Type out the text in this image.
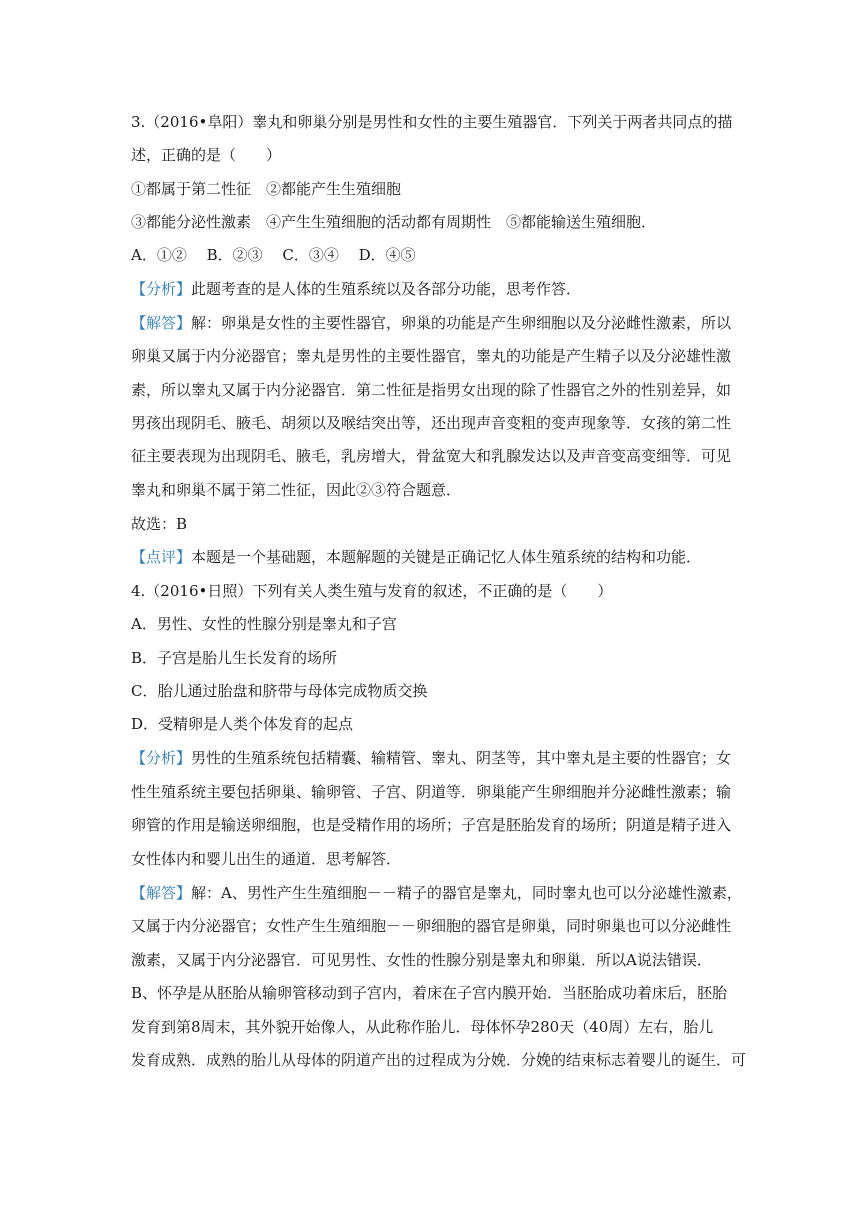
3.（2016•阜阳）睾丸和卵巢分别是男性和女性的主要生殖器官．下列关于两者共同点的描
述，正确的是（　　）
①都属于第二性征　②都能产生生殖细胞
③都能分泌性激素　④产生生殖细胞的活动都有周期性　⑤都能输送生殖细胞．
A．①②　 B．②③　 C．③④　 D．④⑤
【分析】此题考查的是人体的生殖系统以及各部分功能，思考作答．
【解答】解：卵巢是女性的主要性器官，卵巢的功能是产生卵细胞以及分泌雌性激素，所以
卵巢又属于内分泌器官；睾丸是男性的主要性器官，睾丸的功能是产生精子以及分泌雄性激
素，所以睾丸又属于内分泌器官．第二性征是指男女出现的除了性器官之外的性别差异，如
男孩出现阴毛、腋毛、胡须以及喉结突出等，还出现声音变粗的变声现象等．女孩的第二性
征主要表现为出现阴毛、腋毛，乳房增大，骨盆宽大和乳腺发达以及声音变高变细等．可见
睾丸和卵巢不属于第二性征，因此②③符合题意．
故选：B
【点评】本题是一个基础题，本题解题的关键是正确记忆人体生殖系统的结构和功能．
4.（2016•日照）下列有关人类生殖与发育的叙述，不正确的是（　　）
A．男性、女性的性腺分别是睾丸和子宫
B．子宫是胎儿生长发育的场所
C．胎儿通过胎盘和脐带与母体完成物质交换
D．受精卵是人类个体发育的起点
【分析】男性的生殖系统包括精囊、输精管、睾丸、阴茎等，其中睾丸是主要的性器官；女
性生殖系统主要包括卵巢、输卵管、子宫、阴道等．卵巢能产生卵细胞并分泌雌性激素；输
卵管的作用是输送卵细胞，也是受精作用的场所；子宫是胚胎发育的场所；阴道是精子进入
女性体内和婴儿出生的通道．思考解答．
【解答】解：A、男性产生生殖细胞－－精子的器官是睾丸，同时睾丸也可以分泌雄性激素，
又属于内分泌器官；女性产生生殖细胞－－卵细胞的器官是卵巢，同时卵巢也可以分泌雌性
激素，又属于内分泌器官．可见男性、女性的性腺分别是睾丸和卵巢．所以A说法错误．
B、怀孕是从胚胎从输卵管移动到子宫内，着床在子宫内膜开始．当胚胎成功着床后，胚胎
发育到第8周末，其外貌开始像人，从此称作胎儿．母体怀孕280天（40周）左右，胎儿
发育成熟．成熟的胎儿从母体的阴道产出的过程成为分娩．分娩的结束标志着婴儿的诞生．可
